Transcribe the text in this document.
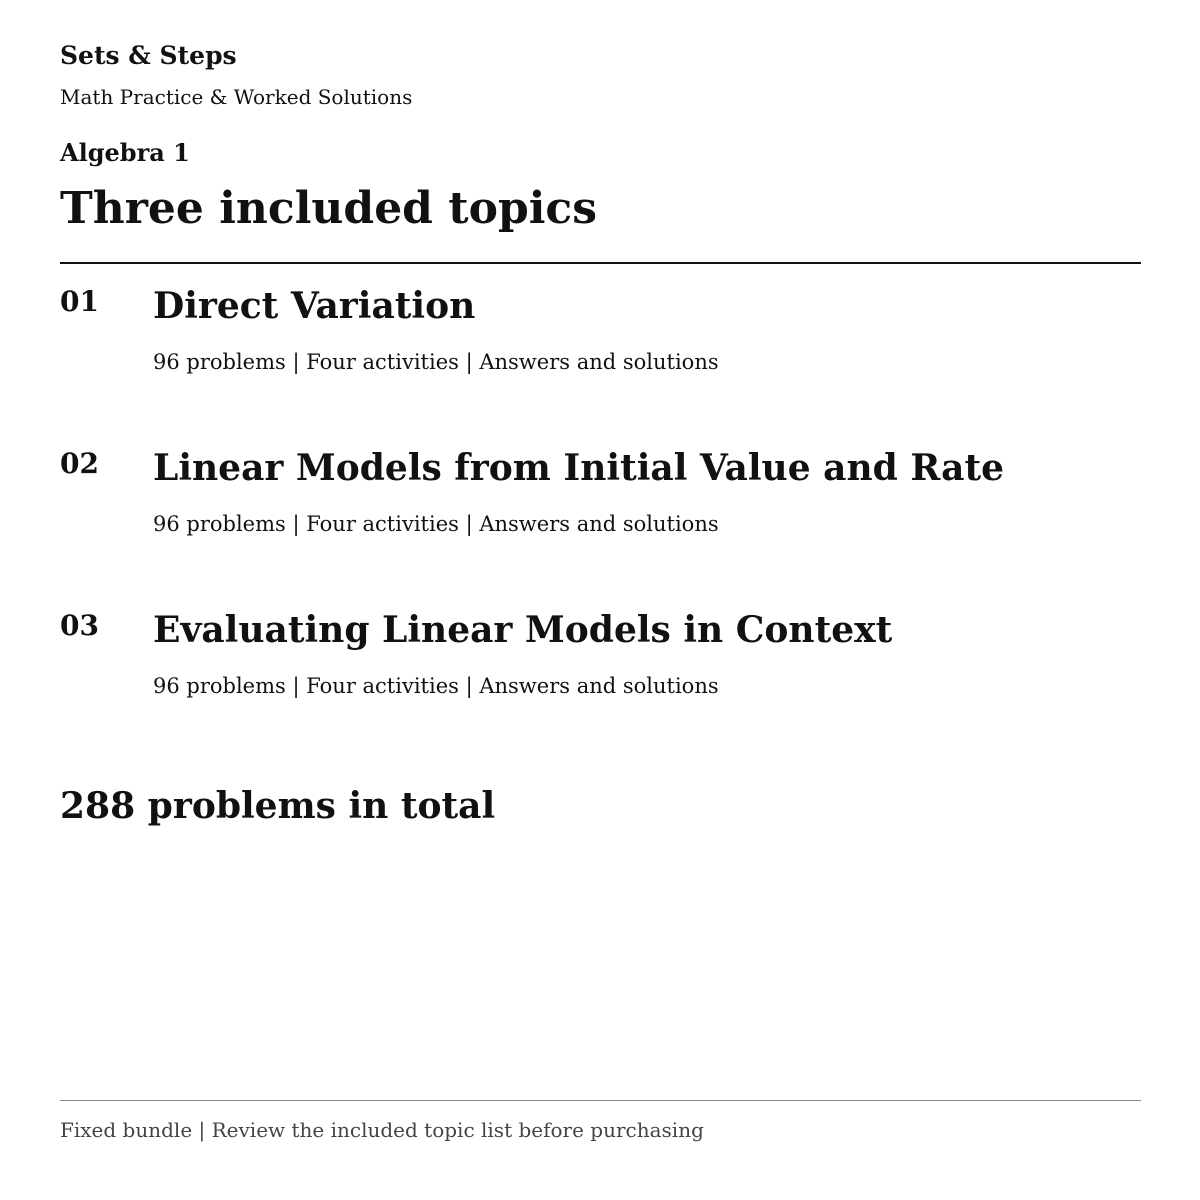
Sets & Steps
Math Practice & Worked Solutions
Algebra 1
Three included topics
01 Direct Variation
96 problems | Four activities | Answers and solutions
02 Linear Models from Initial Value and Rate
96 problems | Four activities | Answers and solutions
03 Evaluating Linear Models in Context
96 problems | Four activities | Answers and solutions
288 problems in total
Fixed bundle | Review the included topic list before purchasing
